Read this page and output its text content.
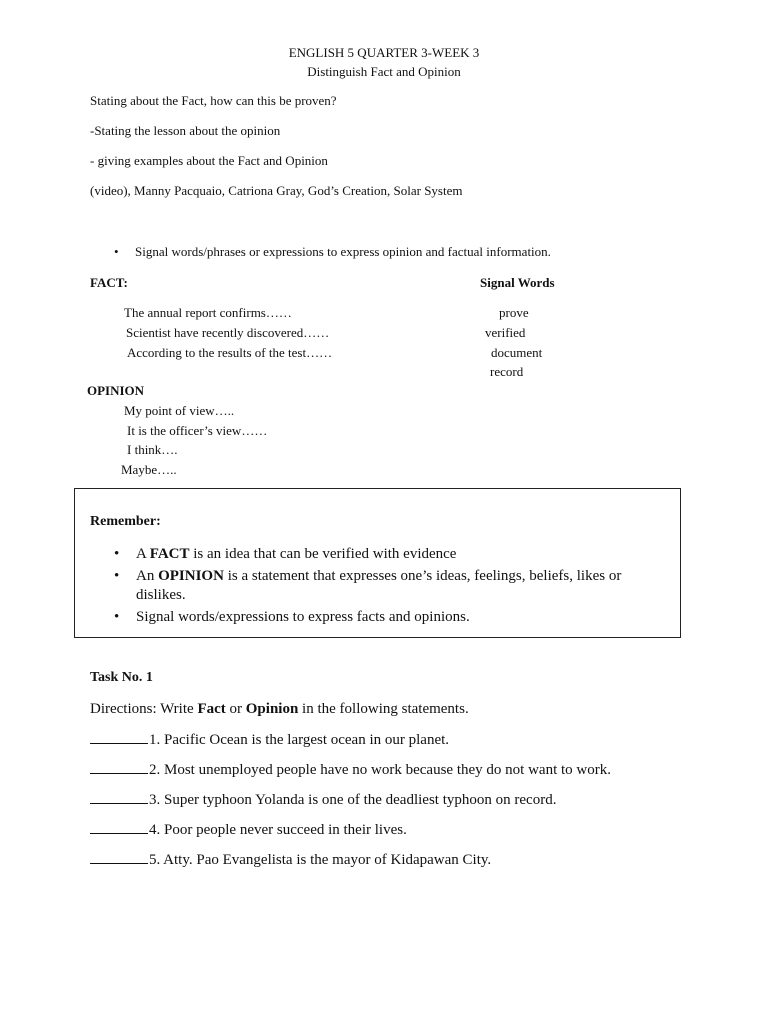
ENGLISH 5 QUARTER 3-WEEK 3
Distinguish Fact and Opinion
Stating about the Fact, how can this be proven?
-Stating the lesson about the opinion
- giving examples about the Fact and Opinion
(video), Manny Pacquaio, Catriona Gray, God’s Creation, Solar System
• Signal words/phrases or expressions to express opinion and factual information.
FACT:	Signal Words
The annual report confirms……
Scientist have recently discovered……
According to the results of the test……
prove
verified
document
record
OPINION
My point of view…..
It is the officer’s view……
I think….
Maybe…..
Remember:
• A FACT is an idea that can be verified with evidence
• An OPINION is a statement that expresses one’s ideas, feelings, beliefs, likes or
dislikes.
• Signal words/expressions to express facts and opinions.
Task No. 1
Directions: Write Fact or Opinion in the following statements.
1. Pacific Ocean is the largest ocean in our planet.
2. Most unemployed people have no work because they do not want to work.
3. Super typhoon Yolanda is one of the deadliest typhoon on record.
4. Poor people never succeed in their lives.
5. Atty. Pao Evangelista is the mayor of Kidapawan City.
